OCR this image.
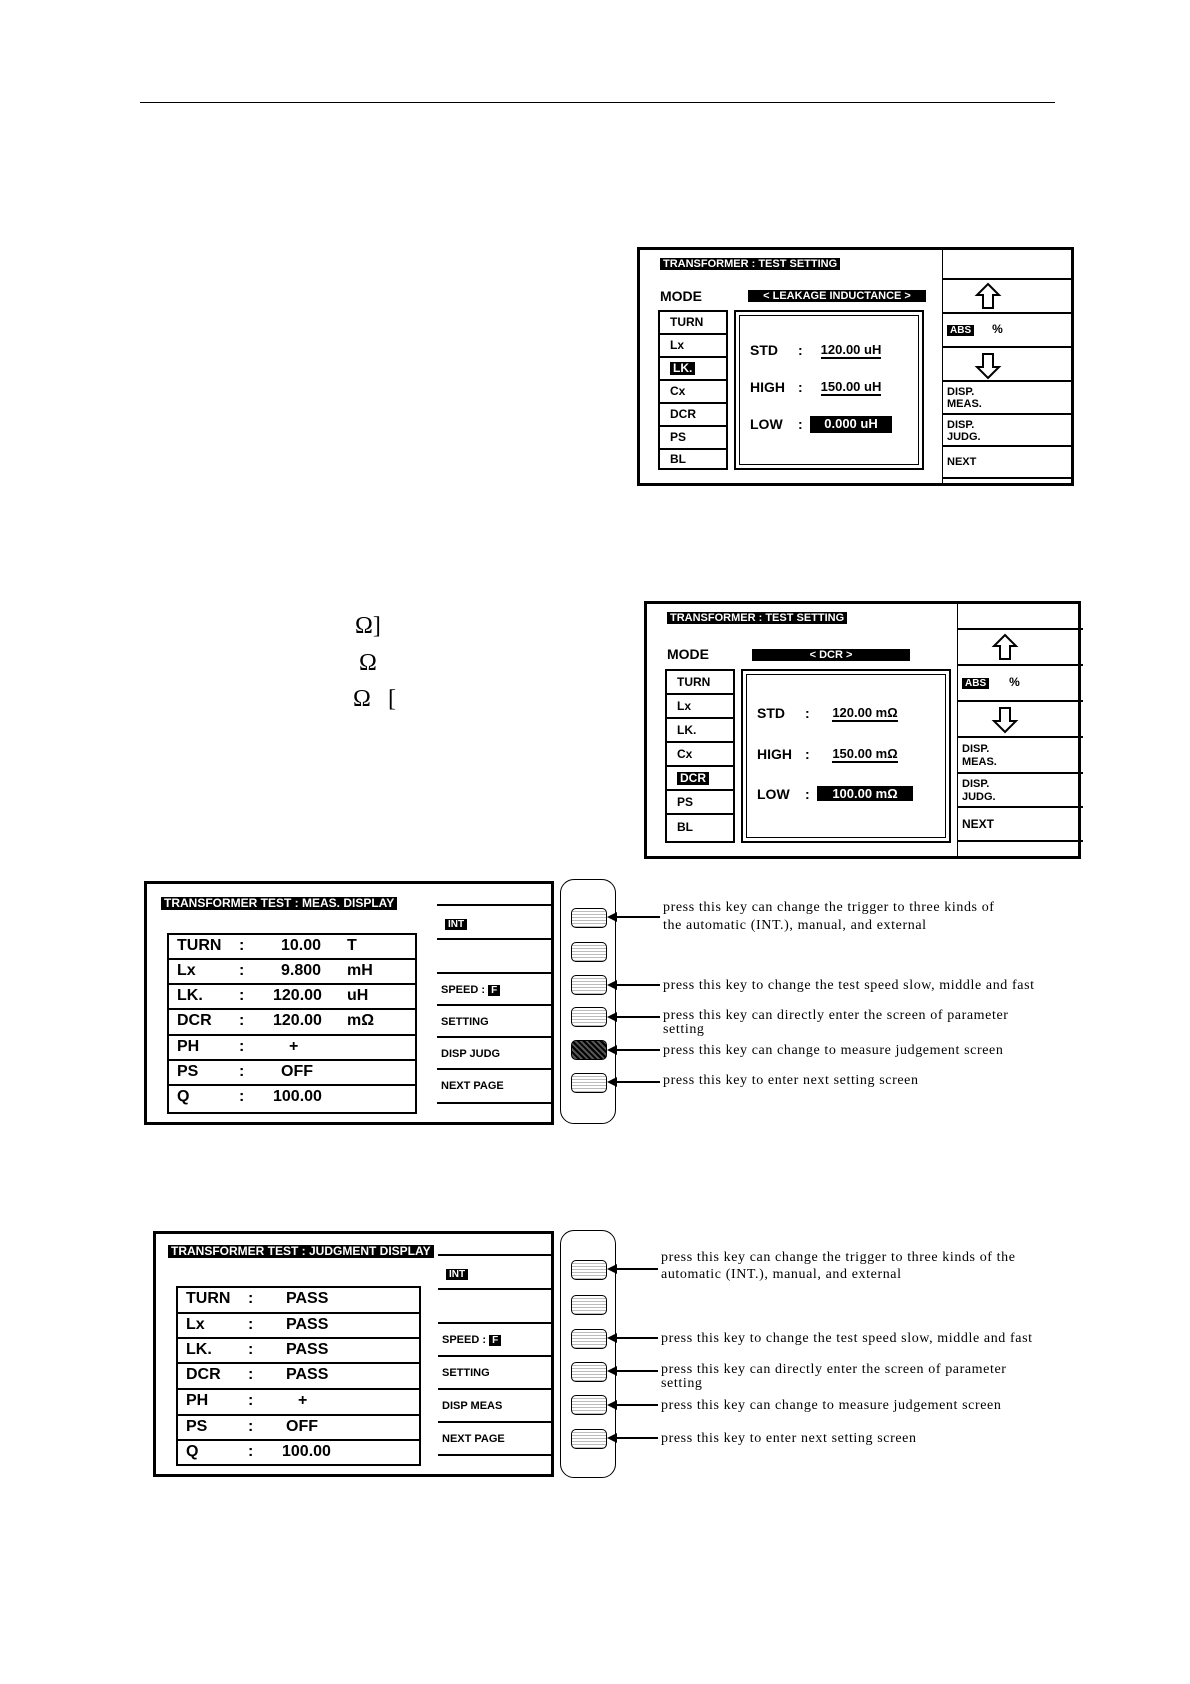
TRANSFORMER : TEST SETTING
MODE	< LEAKAGE INDUCTANCE >
TURN
Lx
LK.
Cx
DCR
PS
BL
STD :	120.00 uH
HIGH :	150.00 uH
LOW :	0.000 uH
ABS %
DISP.
MEAS.
DISP.
JUDG.
NEXT
Ω]
Ω
Ω [
TRANSFORMER : TEST SETTING
MODE	< DCR >
TURN
Lx
LK.
Cx
DCR
PS
BL
STD :	120.00 mΩ
HIGH :	150.00 mΩ
LOW :	100.00 mΩ
ABS %
DISP.
MEAS.
DISP.
JUDG.
NEXT
TRANSFORMER TEST : MEAS. DISPLAY
TURN : 10.00 T
Lx	: 9.800 mH
LK. : 120.00 uH
DCR : 120.00 mΩ
PH :	+
PS	: OFF
Q	: 100.00
INT
SPEED : F
SETTING
DISP JUDG
NEXT PAGE
press this key can change the trigger to three kinds of
the automatic (INT.), manual, and external
press this key to change the test speed slow, middle and fast
press this key can directly enter the screen of parameter
setting
press this key can change to measure judgement screen
press this key to enter next setting screen
TRANSFORMER TEST : JUDGMENT DISPLAY
TURN : PASS
Lx	: PASS
LK. : PASS
DCR : PASS
PH :	+
PS	: OFF
Q	: 100.00
INT
SPEED : F
SETTING
DISP MEAS
NEXT PAGE
press this key can change the trigger to three kinds of the
automatic (INT.), manual, and external
press this key to change the test speed slow, middle and fast
press this key can directly enter the screen of parameter
setting
press this key can change to measure judgement screen
press this key to enter next setting screen
